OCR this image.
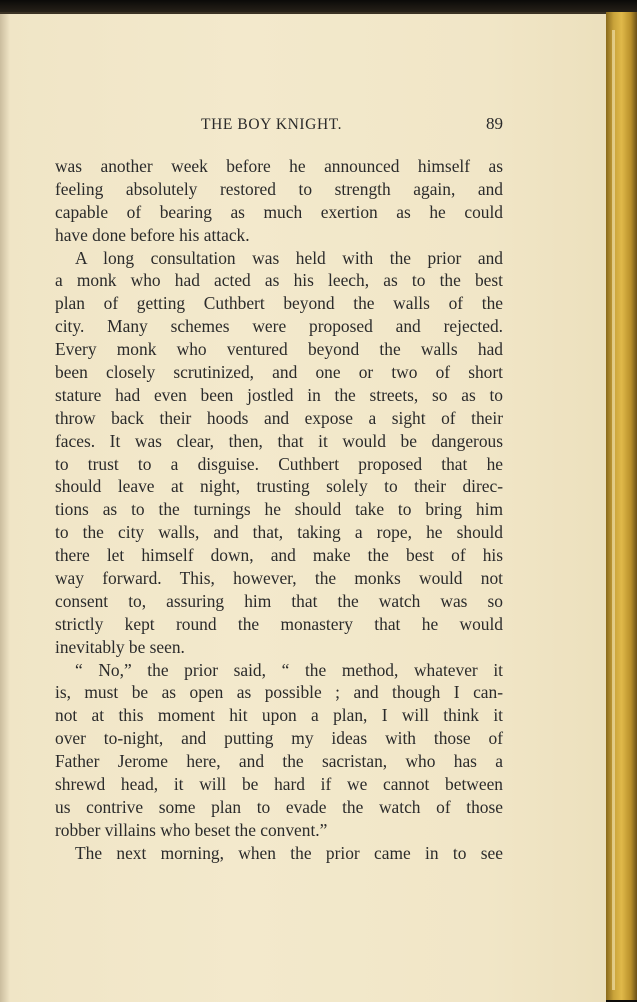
THE BOY KNIGHT.	89
was another week before he announced himself as
feeling absolutely restored to strength again, and
capable of bearing as much exertion as he could
have done before his attack.
A long consultation was held with the prior and
a monk who had acted as his leech, as to the best
plan of getting Cuthbert beyond the walls of the
city. Many schemes were proposed and rejected.
Every monk who ventured beyond the walls had
been closely scrutinized, and one or two of short
stature had even been jostled in the streets, so as to
throw back their hoods and expose a sight of their
faces. It was clear, then, that it would be dangerous
to trust to a disguise. Cuthbert proposed that he
should leave at night, trusting solely to their direc-
tions as to the turnings he should take to bring him
to the city walls, and that, taking a rope, he should
there let himself down, and make the best of his
way forward. This, however, the monks would not
consent to, assuring him that the watch was so
strictly kept round the monastery that he would
inevitably be seen.
“ No,” the prior said, “ the method, whatever it
is, must be as open as possible ; and though I can-
not at this moment hit upon a plan, I will think it
over to-night, and putting my ideas with those of
Father Jerome here, and the sacristan, who has a
shrewd head, it will be hard if we cannot between
us contrive some plan to evade the watch of those
robber villains who beset the convent.”
The next morning, when the prior came in to see
